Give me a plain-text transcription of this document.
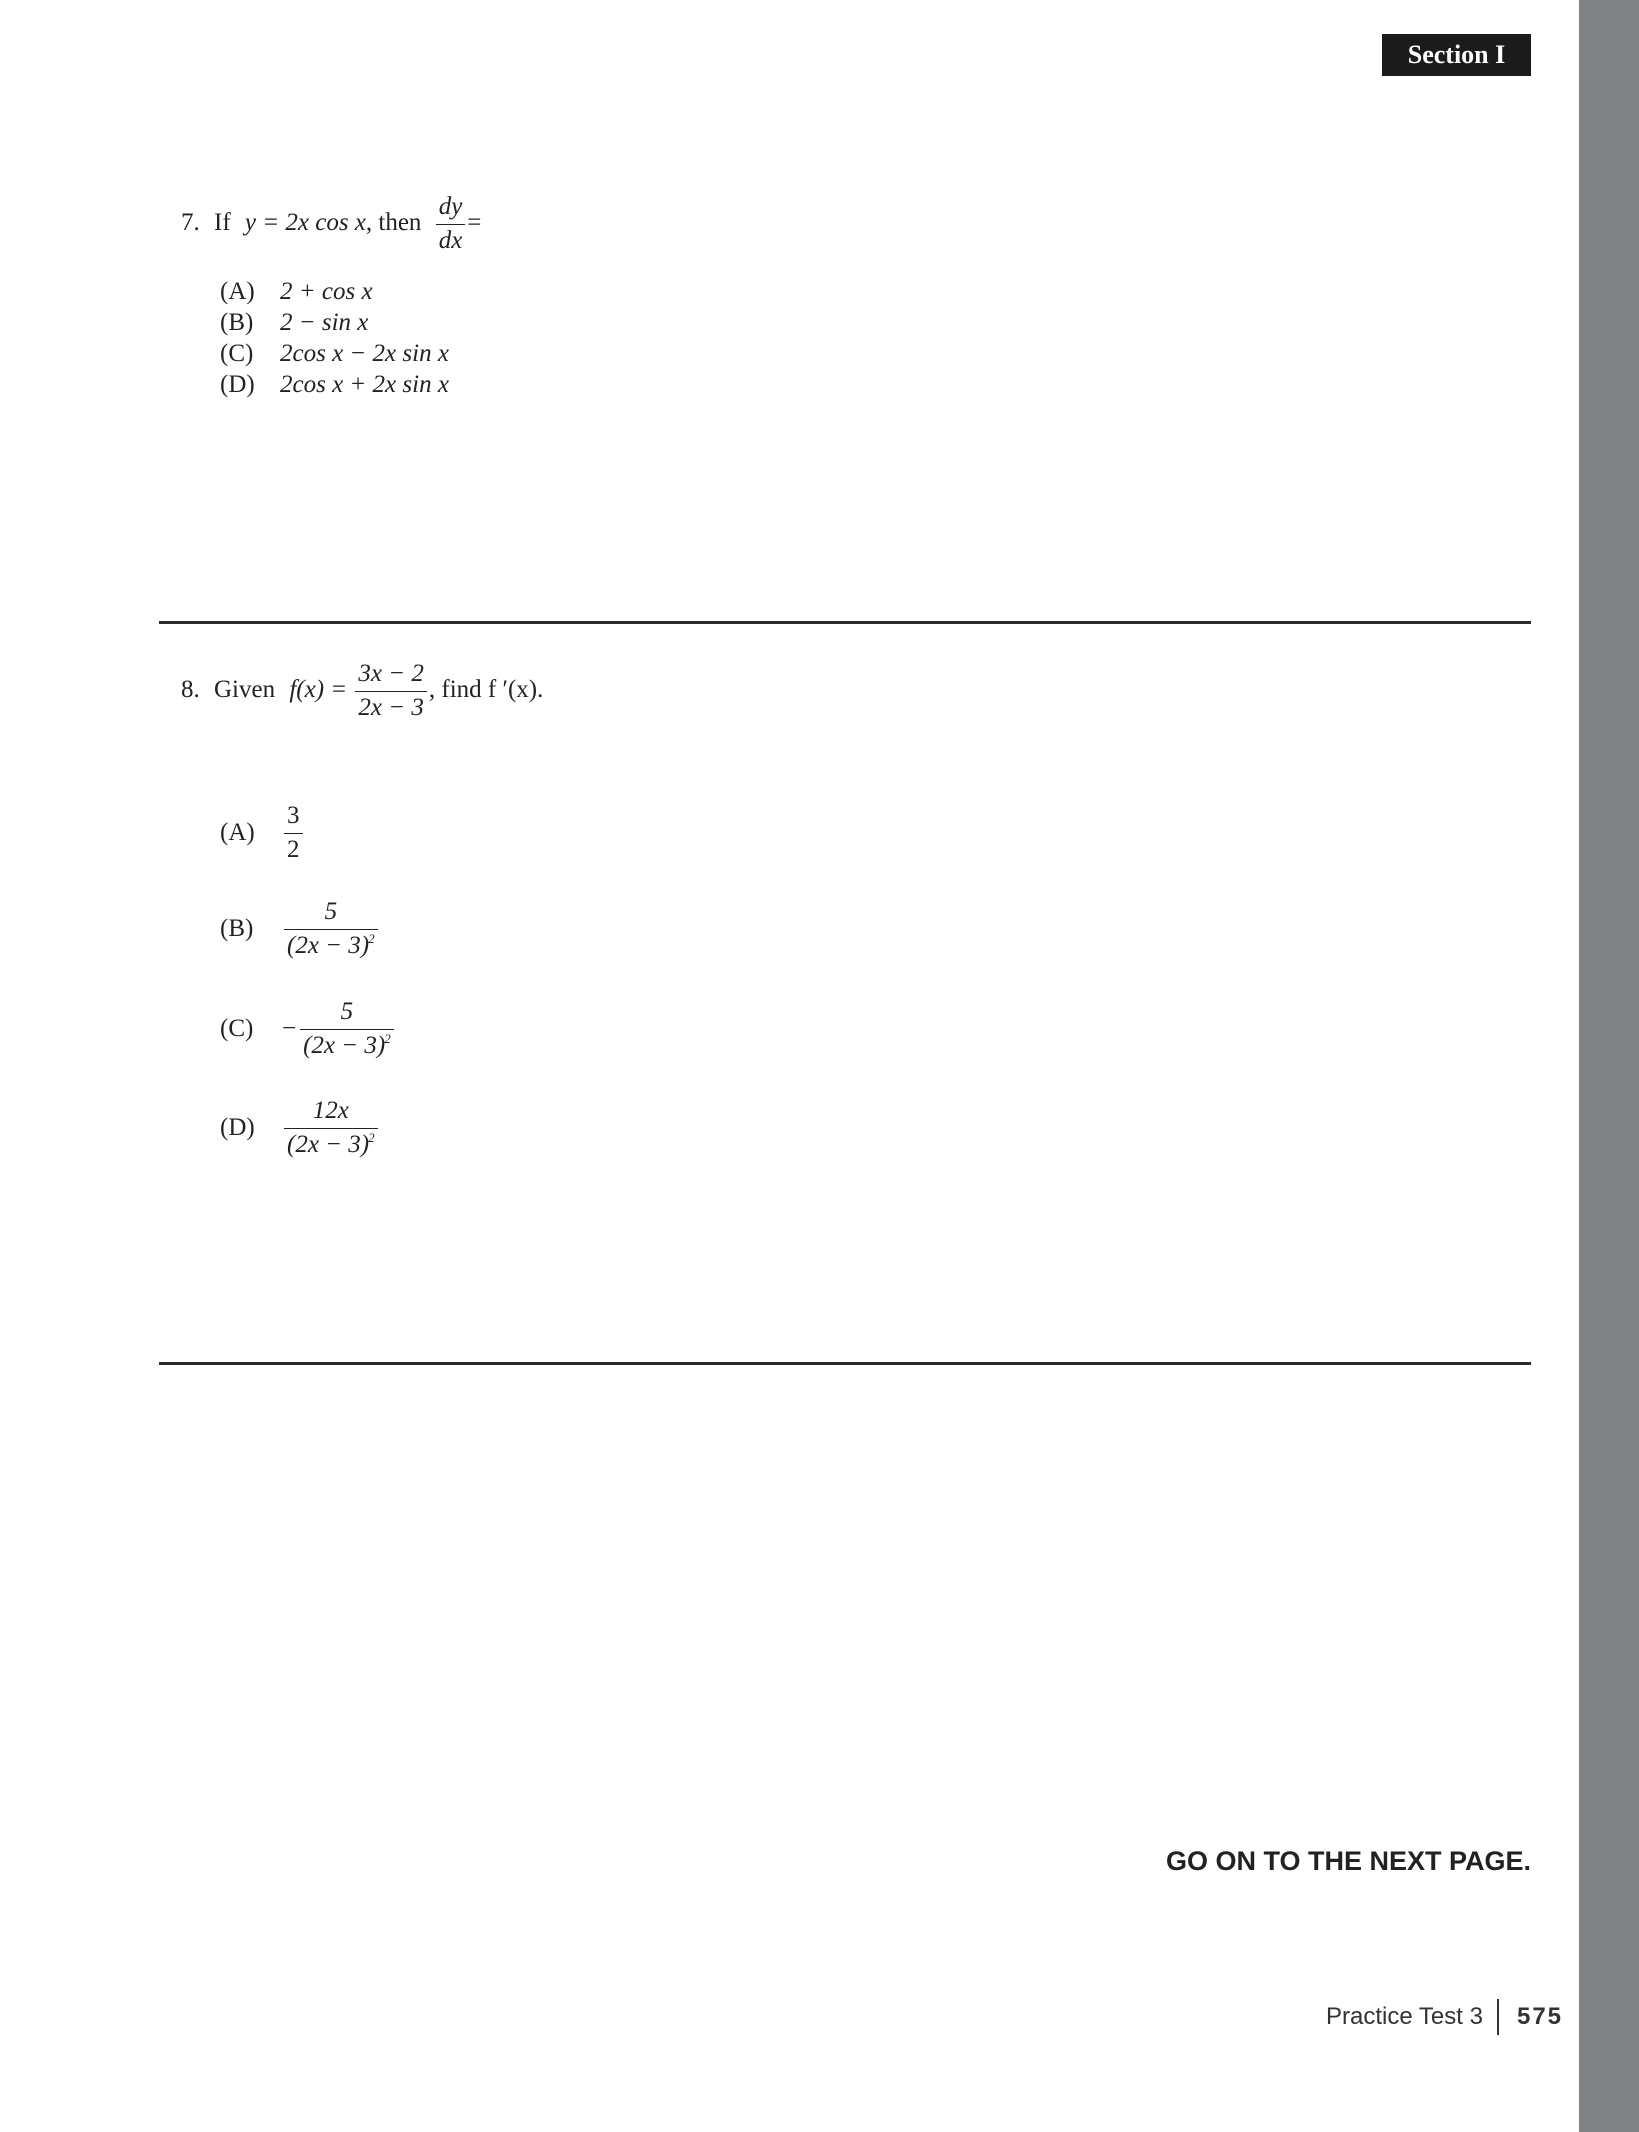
Section I
7. If y = 2x cos x, then $\frac{dy}{dx}$ =
(A) 2 + cos x
(B) 2 − sin x
(C) 2cos x − 2x sin x
(D) 2cos x + 2x sin x
8. Given $f(x) = \frac{3x - 2}{2x - 3}$ , find f ′(x).
(A)	$\frac{3}{2}$
(B)	$\frac{5}{(2x - 3)^2}$
(C)	− $\frac{5}{(2x - 3)^2}$
(D)	$\frac{12x}{(2x - 3)^2}$
GO ON TO THE NEXT PAGE.
Practice Test 3 575
